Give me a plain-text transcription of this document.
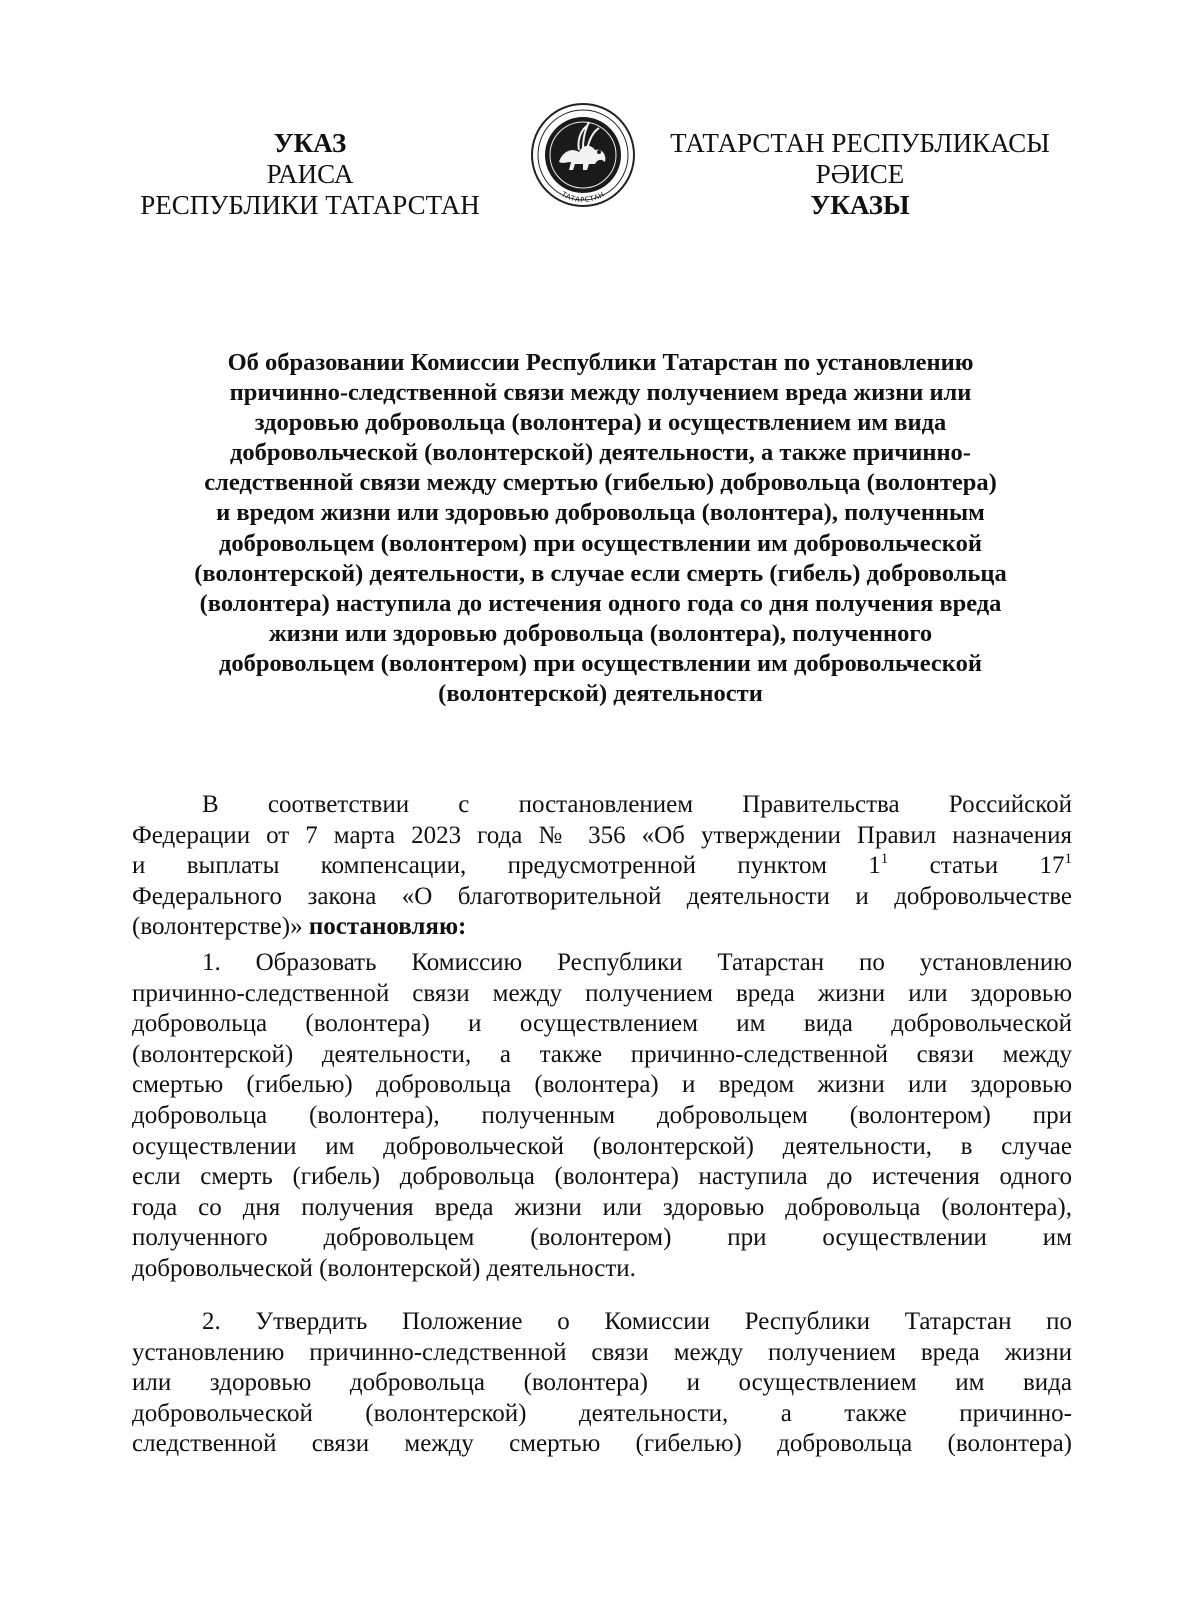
УКАЗ
РАИСА
РЕСПУБЛИКИ ТАТАРСТАН	ТАТАРСТАН
ТАТАРСТАН РЕСПУБЛИКАСЫ
РӘИСЕ
УКАЗЫ
Об образовании Комиссии Республики Татарстан по установлению
причинно-следственной связи между получением вреда жизни или
здоровью добровольца (волонтера) и осуществлением им вида
добровольческой (волонтерской) деятельности, а также причинно-
следственной связи между смертью (гибелью) добровольца (волонтера)
и вредом жизни или здоровью добровольца (волонтера), полученным
добровольцем (волонтером) при осуществлении им добровольческой
(волонтерской) деятельности, в случае если смерть (гибель) добровольца
(волонтера) наступила до истечения одного года со дня получения вреда
жизни или здоровью добровольца (волонтера), полученного
добровольцем (волонтером) при осуществлении им добровольческой
(волонтерской) деятельности
В соответствии с постановлением Правительства Российской
Федерации от 7 марта 2023 года № 356 «Об утверждении Правил назначения
и выплаты компенсации, предусмотренной пунктом $1^1$ статьи $17^1$
Федерального закона «О благотворительной деятельности и добровольчестве
(волонтерстве)» постановляю:
1. Образовать Комиссию Республики Татарстан по установлению
причинно-следственной связи между получением вреда жизни или здоровью
добровольца (волонтера) и осуществлением им вида добровольческой
(волонтерской) деятельности, а также причинно-следственной связи между
смертью (гибелью) добровольца (волонтера) и вредом жизни или здоровью
добровольца (волонтера), полученным добровольцем (волонтером) при
осуществлении им добровольческой (волонтерской) деятельности, в случае
если смерть (гибель) добровольца (волонтера) наступила до истечения одного
года со дня получения вреда жизни или здоровью добровольца (волонтера),
полученного добровольцем (волонтером) при осуществлении им
добровольческой (волонтерской) деятельности.
2. Утвердить Положение о Комиссии Республики Татарстан по
установлению причинно-следственной связи между получением вреда жизни
или здоровью добровольца (волонтера) и осуществлением им вида
добровольческой (волонтерской) деятельности, а также причинно-
следственной связи между смертью (гибелью) добровольца (волонтера)
